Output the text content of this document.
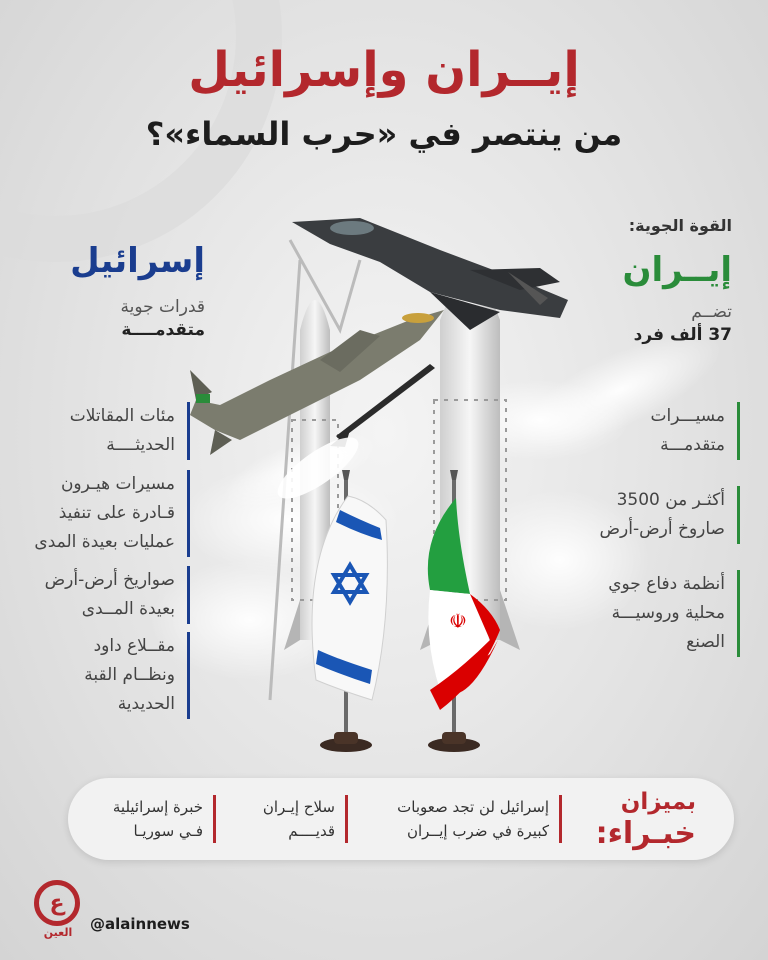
إيــران وإسرائيل
من ينتصر في «حرب السماء»؟
☫
إسرائيل
قدرات جوية
متقدمــــة
مئات المقاتلات
الحديثــــة
مسيرات هيـرون
قـادرة على تنفيذ
عمليات بعيدة المدى
صواريخ أرض-أرض
بعيدة المــدى
مقــلاع داود
ونظــام القبة
الحديدية
القوة الجوية:
إيــران
تضــم
37 ألف فرد
مسيـــرات
متقدمـــة
أكثـر من 3500
صاروخ أرض-أرض
أنظمة دفاع جوي
محلية وروسيـــة
الصنع
بميزان
خبـراء:
إسرائيل لن تجد صعوبات
كبيرة في ضرب إيــران
سلاح إيـران
قديــــم
خبرة إسرائيلية
فـي سوريـا
ع
العين	@alainnews
